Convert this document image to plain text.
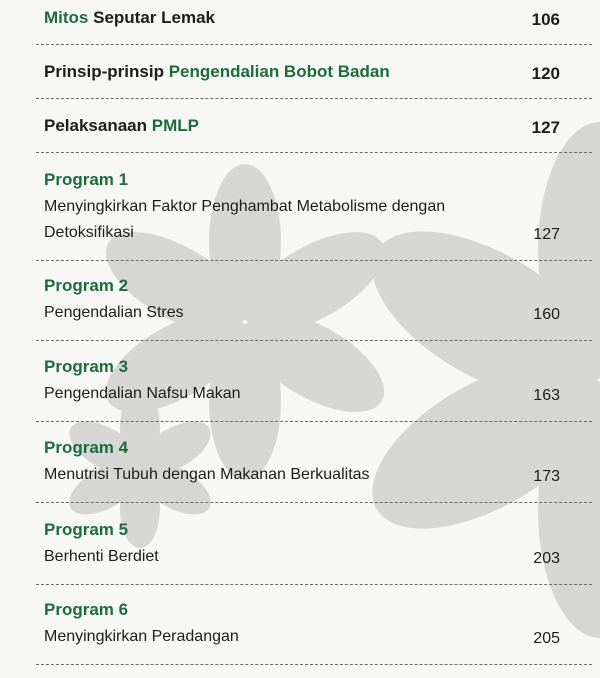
Mitos Seputar Lemak	106
Prinsip-prinsip Pengendalian Bobot Badan	120
Pelaksanaan PMLP	127
Program 1
Menyingkirkan Faktor Penghambat Metabolisme dengan
Detoksifikasi	127
Program 2
Pengendalian Stres	160
Program 3
Pengendalian Nafsu Makan	163
Program 4
Menutrisi Tubuh dengan Makanan Berkualitas	173
Program 5
Berhenti Berdiet	203
Program 6
Menyingkirkan Peradangan	205
